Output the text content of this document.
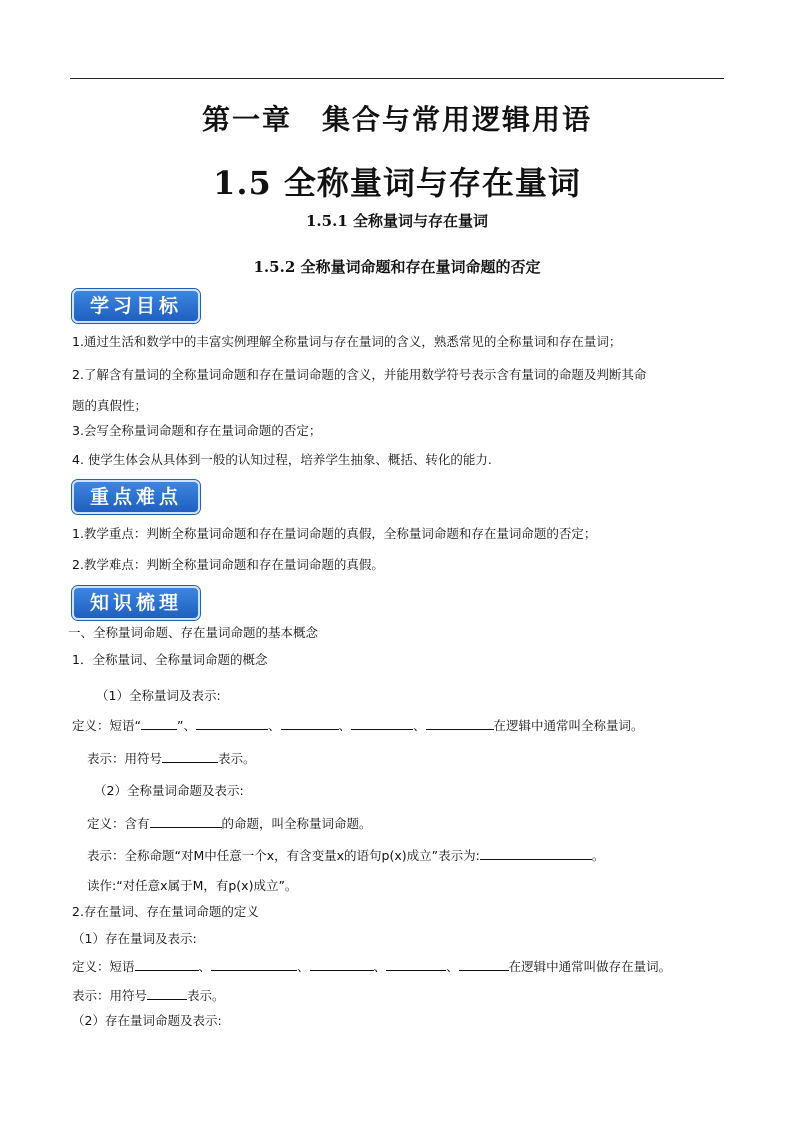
第一章　集合与常用逻辑用语
1.5 全称量词与存在量词
1.5.1 全称量词与存在量词
1.5.2 全称量词命题和存在量词命题的否定
学习目标
1.通过生活和数学中的丰富实例理解全称量词与存在量词的含义，熟悉常见的全称量词和存在量词；
2.了解含有量词的全称量词命题和存在量词命题的含义，并能用数学符号表示含有量词的命题及判断其命
题的真假性；
3.会写全称量词命题和存在量词命题的否定；
4. 使学生体会从具体到一般的认知过程，培养学生抽象、概括、转化的能力.
重点难点
1.教学重点：判断全称量词命题和存在量词命题的真假，全称量词命题和存在量词命题的否定；
2.教学难点：判断全称量词命题和存在量词命题的真假。
知识梳理
一、全称量词命题、存在量词命题的基本概念
1．全称量词、全称量词命题的概念
（1）全称量词及表示:
定义：短语“	”、	、	、	、	在逻辑中通常叫全称量词。
表示：用符号	表示。
（2）全称量词命题及表示:
定义：含有	的命题，叫全称量词命题。
表示：全称命题“对M中任意一个x，有含变量x的语句p(x)成立”表示为:	。
读作:“对任意x属于M，有p(x)成立”。
2.存在量词、存在量词命题的定义
（1）存在量词及表示:
定义：短语	、	、	、	、	在逻辑中通常叫做存在量词。
表示：用符号	表示。
（2）存在量词命题及表示:
